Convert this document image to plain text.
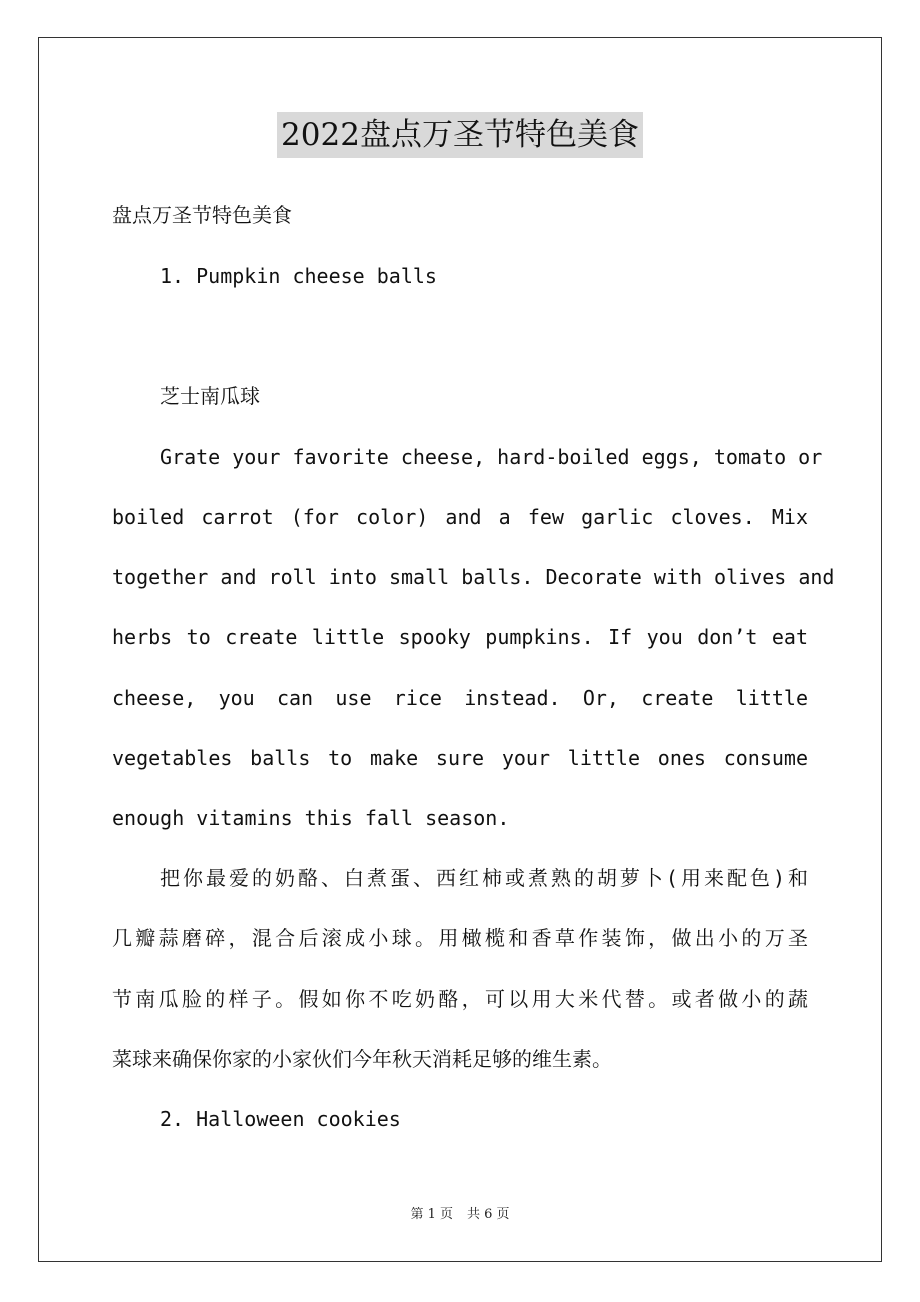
2022盘点万圣节特色美食
盘点万圣节特色美食
1. Pumpkin cheese balls
芝士南瓜球
Grate your favorite cheese, hard-boiled eggs, tomato or
boiled carrot (for color) and a few garlic cloves. Mix
together and roll into small balls. Decorate with olives and
herbs to create little spooky pumpkins. If you don’t eat
cheese, you can use rice instead. Or, create little
vegetables balls to make sure your little ones consume
enough vitamins this fall season.
把你最爱的奶酪、白煮蛋、西红柿或煮熟的胡萝卜(用来配色)和
几瓣蒜磨碎，混合后滚成小球。用橄榄和香草作装饰，做出小的万圣
节南瓜脸的样子。假如你不吃奶酪，可以用大米代替。或者做小的蔬
菜球来确保你家的小家伙们今年秋天消耗足够的维生素。
2. Halloween cookies
第 1 页 共 6 页
